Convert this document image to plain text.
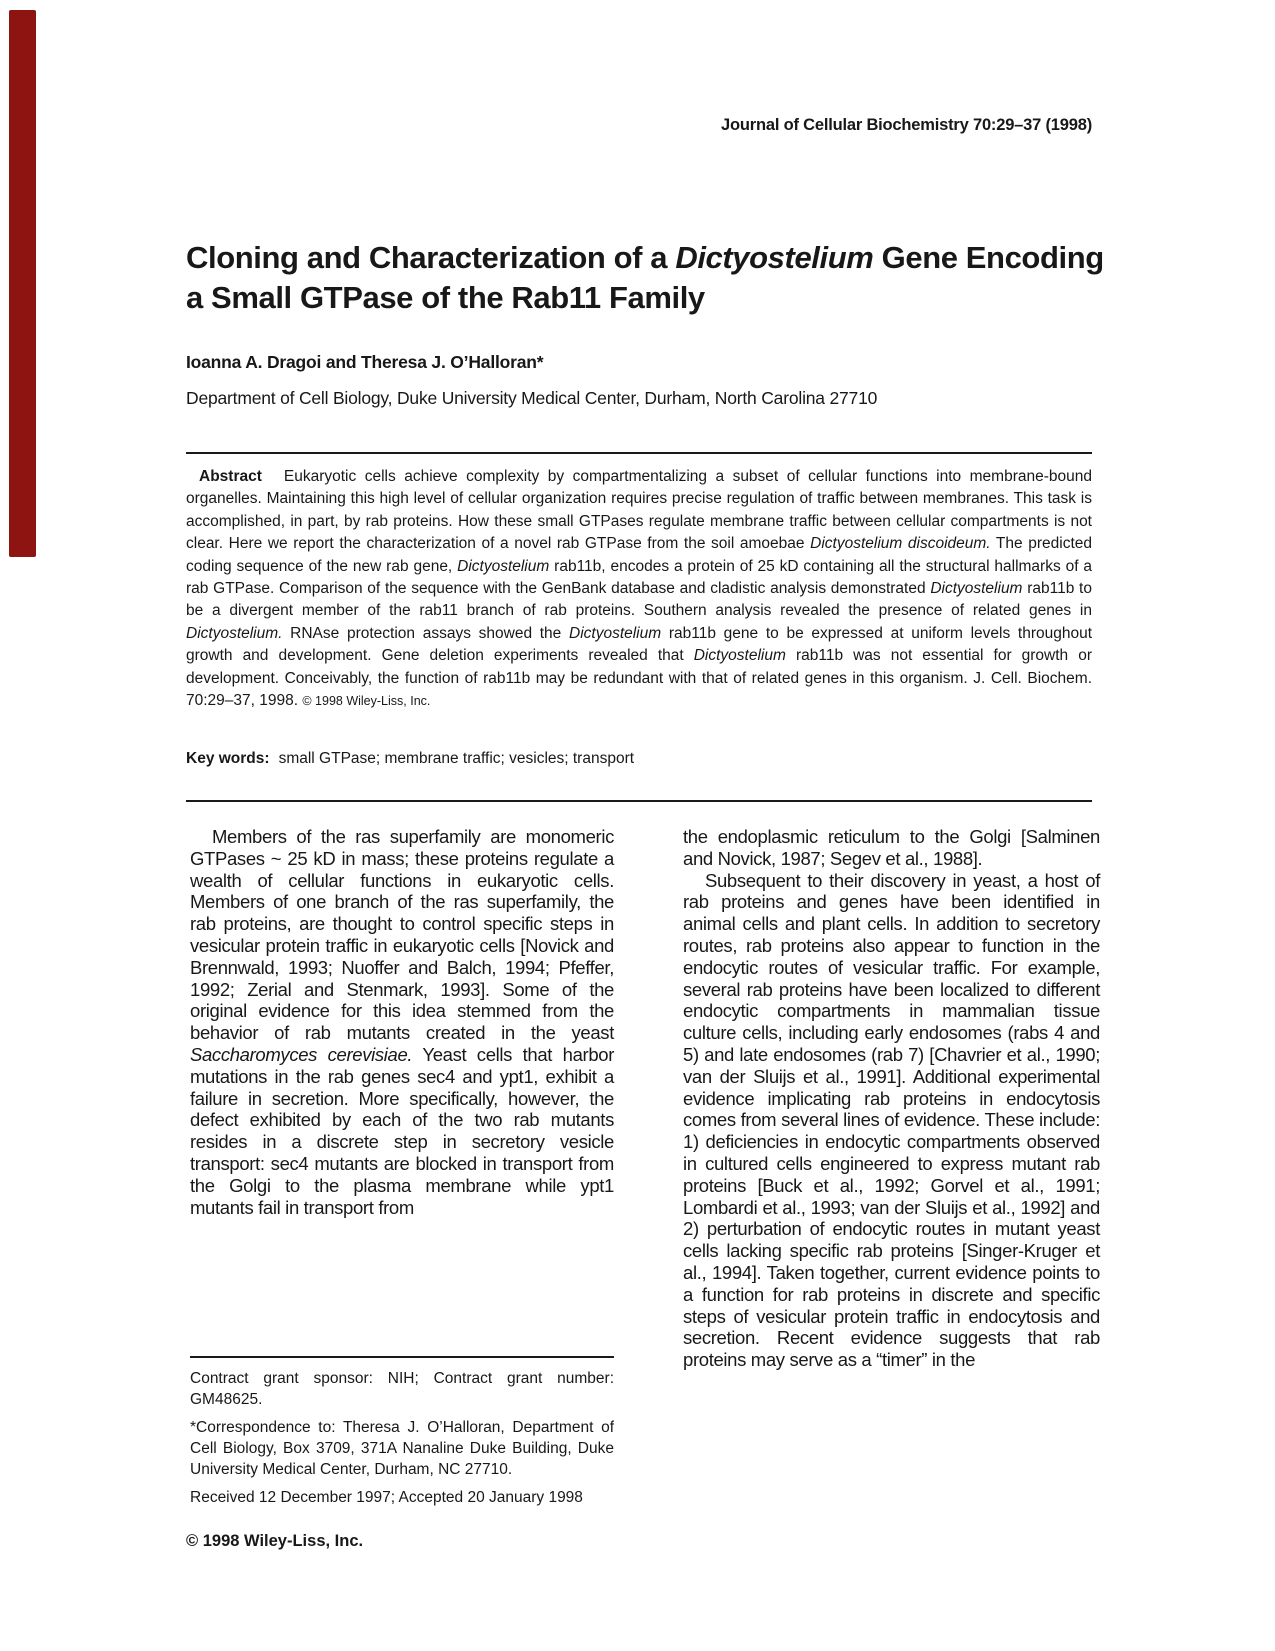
Journal of Cellular Biochemistry 70:29–37 (1998)
Cloning and Characterization of a Dictyostelium Gene Encoding a Small GTPase of the Rab11 Family
Ioanna A. Dragoi and Theresa J. O’Halloran*
Department of Cell Biology, Duke University Medical Center, Durham, North Carolina 27710

Abstract Eukaryotic cells achieve complexity by compartmentalizing a subset of cellular functions into membrane-bound organelles. Maintaining this high level of cellular organization requires precise regulation of traffic between membranes. This task is accomplished, in part, by rab proteins. How these small GTPases regulate membrane traffic between cellular compartments is not clear. Here we report the characterization of a novel rab GTPase from the soil amoebae Dictyostelium discoideum. The predicted coding sequence of the new rab gene, Dictyostelium rab11b, encodes a protein of 25 kD containing all the structural hallmarks of a rab GTPase. Comparison of the sequence with the GenBank database and cladistic analysis demonstrated Dictyostelium rab11b to be a divergent member of the rab11 branch of rab proteins. Southern analysis revealed the presence of related genes in Dictyostelium. RNAse protection assays showed the Dictyostelium rab11b gene to be expressed at uniform levels throughout growth and development. Gene deletion experiments revealed that Dictyostelium rab11b was not essential for growth or development. Conceivably, the function of rab11b may be redundant with that of related genes in this organism. J. Cell. Biochem. 70:29–37, 1998. © 1998 Wiley-Liss, Inc.

Key words: small GTPase; membrane traffic; vesicles; transport

Members of the ras superfamily are monomeric GTPases ~ 25 kD in mass; these proteins regulate a wealth of cellular functions in eukaryotic cells. Members of one branch of the ras superfamily, the rab proteins, are thought to control specific steps in vesicular protein traffic in eukaryotic cells [Novick and Brennwald, 1993; Nuoffer and Balch, 1994; Pfeffer, 1992; Zerial and Stenmark, 1993]. Some of the original evidence for this idea stemmed from the behavior of rab mutants created in the yeast Saccharomyces cerevisiae. Yeast cells that harbor mutations in the rab genes sec4 and ypt1, exhibit a failure in secretion. More specifically, however, the defect exhibited by each of the two rab mutants resides in a discrete step in secretory vesicle transport: sec4 mutants are blocked in transport from the Golgi to the plasma membrane while ypt1 mutants fail in transport from

the endoplasmic reticulum to the Golgi [Salminen and Novick, 1987; Segev et al., 1988].

Subsequent to their discovery in yeast, a host of rab proteins and genes have been identified in animal cells and plant cells. In addition to secretory routes, rab proteins also appear to function in the endocytic routes of vesicular traffic. For example, several rab proteins have been localized to different endocytic compartments in mammalian tissue culture cells, including early endosomes (rabs 4 and 5) and late endosomes (rab 7) [Chavrier et al., 1990; van der Sluijs et al., 1991]. Additional experimental evidence implicating rab proteins in endocytosis comes from several lines of evidence. These include: 1) deficiencies in endocytic compartments observed in cultured cells engineered to express mutant rab proteins [Buck et al., 1992; Gorvel et al., 1991; Lombardi et al., 1993; van der Sluijs et al., 1992] and 2) perturbation of endocytic routes in mutant yeast cells lacking specific rab proteins [Singer-Kruger et al., 1994]. Taken together, current evidence points to a function for rab proteins in discrete and specific steps of vesicular protein traffic in endocytosis and secretion. Recent evidence suggests that rab proteins may serve as a “timer” in the

Contract grant sponsor: NIH; Contract grant number: GM48625.

*Correspondence to: Theresa J. O’Halloran, Department of Cell Biology, Box 3709, 371A Nanaline Duke Building, Duke University Medical Center, Durham, NC 27710.

Received 12 December 1997; Accepted 20 January 1998

© 1998 Wiley-Liss, Inc.
